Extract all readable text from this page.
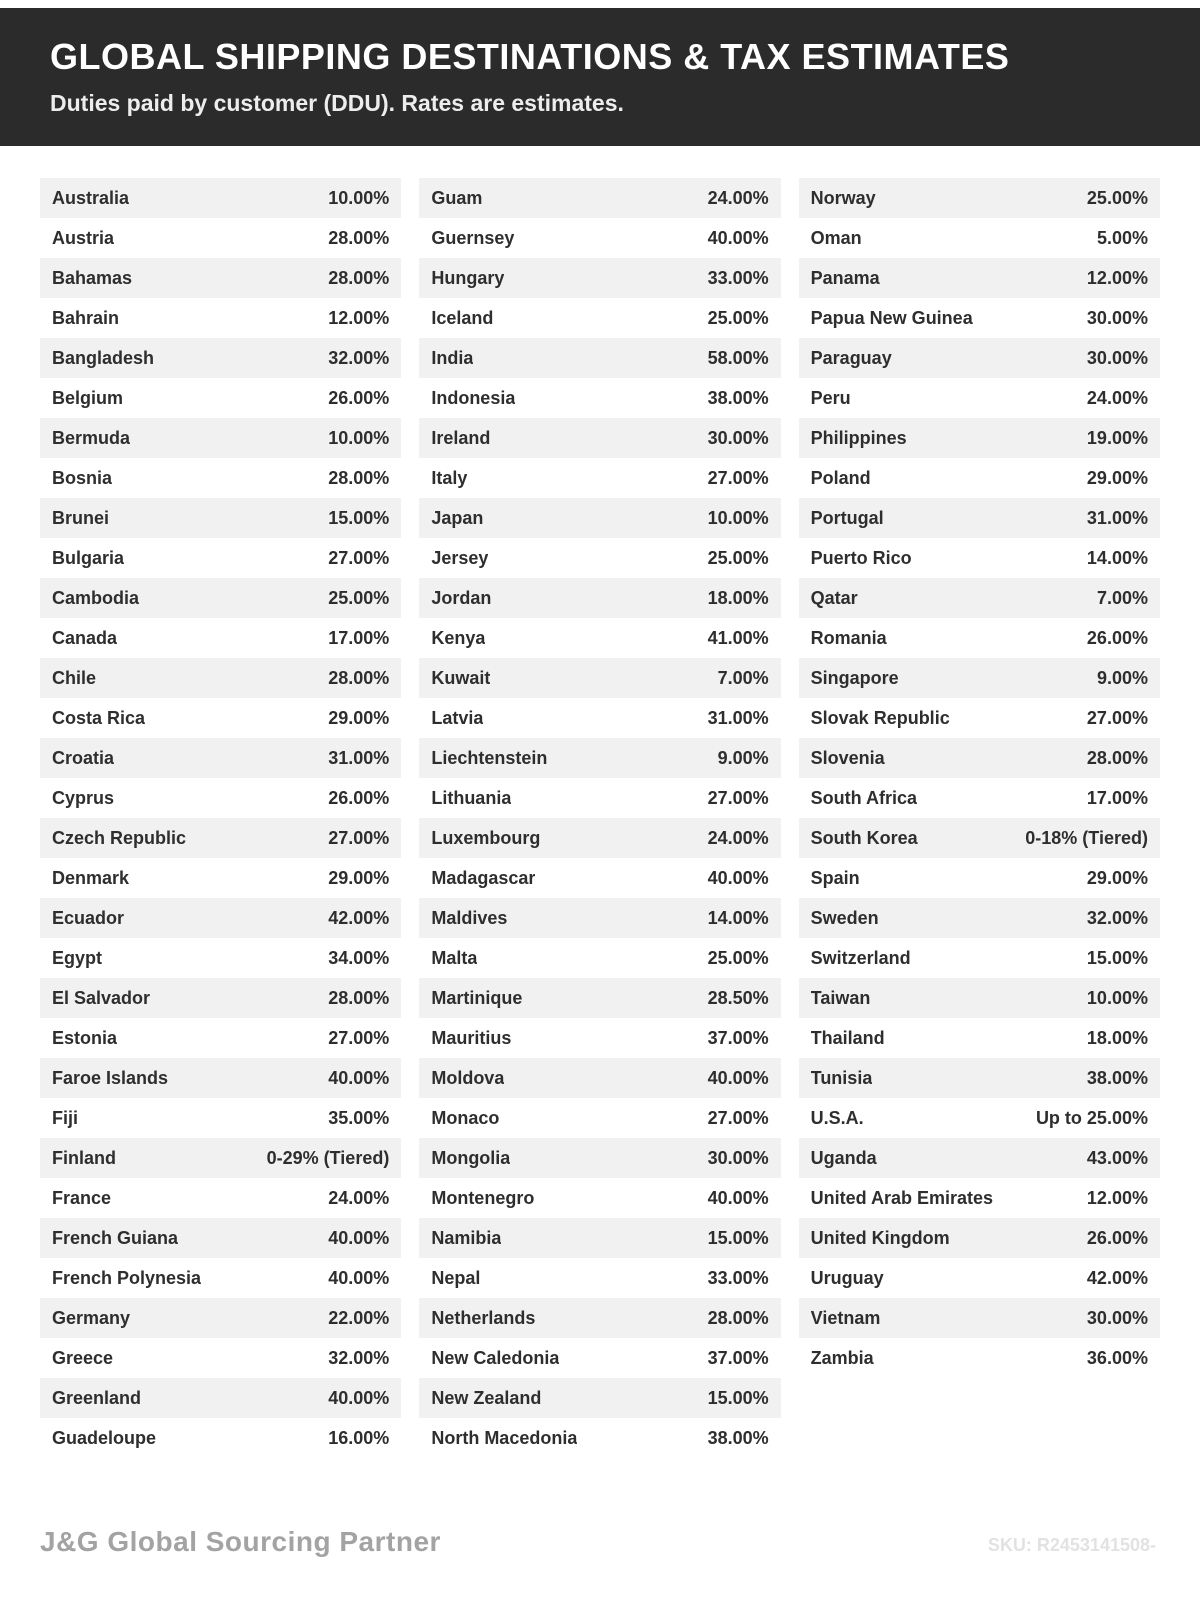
GLOBAL SHIPPING DESTINATIONS & TAX ESTIMATES
Duties paid by customer (DDU). Rates are estimates.
Australia	10.00%
Austria	28.00%
Bahamas	28.00%
Bahrain	12.00%
Bangladesh	32.00%
Belgium	26.00%
Bermuda	10.00%
Bosnia	28.00%
Brunei	15.00%
Bulgaria	27.00%
Cambodia	25.00%
Canada	17.00%
Chile	28.00%
Costa Rica	29.00%
Croatia	31.00%
Cyprus	26.00%
Czech Republic	27.00%
Denmark	29.00%
Ecuador	42.00%
Egypt	34.00%
El Salvador	28.00%
Estonia	27.00%
Faroe Islands	40.00%
Fiji	35.00%
Finland	0-29% (Tiered)
France	24.00%
French Guiana	40.00%
French Polynesia	40.00%
Germany	22.00%
Greece	32.00%
Greenland	40.00%
Guadeloupe	16.00%
Guam	24.00%
Guernsey	40.00%
Hungary	33.00%
Iceland	25.00%
India	58.00%
Indonesia	38.00%
Ireland	30.00%
Italy	27.00%
Japan	10.00%
Jersey	25.00%
Jordan	18.00%
Kenya	41.00%
Kuwait	7.00%
Latvia	31.00%
Liechtenstein	9.00%
Lithuania	27.00%
Luxembourg	24.00%
Madagascar	40.00%
Maldives	14.00%
Malta	25.00%
Martinique	28.50%
Mauritius	37.00%
Moldova	40.00%
Monaco	27.00%
Mongolia	30.00%
Montenegro	40.00%
Namibia	15.00%
Nepal	33.00%
Netherlands	28.00%
New Caledonia	37.00%
New Zealand	15.00%
North Macedonia	38.00%
Norway	25.00%
Oman	5.00%
Panama	12.00%
Papua New Guinea	30.00%
Paraguay	30.00%
Peru	24.00%
Philippines	19.00%
Poland	29.00%
Portugal	31.00%
Puerto Rico	14.00%
Qatar	7.00%
Romania	26.00%
Singapore	9.00%
Slovak Republic	27.00%
Slovenia	28.00%
South Africa	17.00%
South Korea	0-18% (Tiered)
Spain	29.00%
Sweden	32.00%
Switzerland	15.00%
Taiwan	10.00%
Thailand	18.00%
Tunisia	38.00%
U.S.A.	Up to 25.00%
Uganda	43.00%
United Arab Emirates	12.00%
United Kingdom	26.00%
Uruguay	42.00%
Vietnam	30.00%
Zambia	36.00%
J&G Global Sourcing Partner	SKU: R2453141508-
